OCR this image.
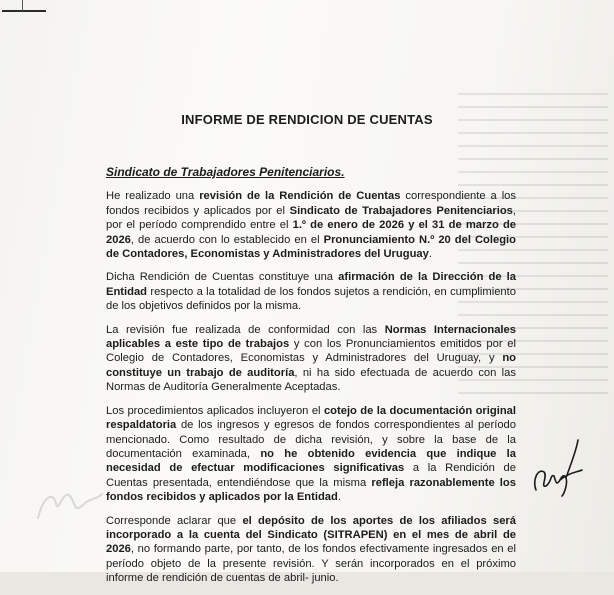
INFORME DE RENDICION DE CUENTAS
Sindicato de Trabajadores Penitenciarios.

He realizado una revisión de la Rendición de Cuentas correspondiente a los fondos recibidos y aplicados por el Sindicato de Trabajadores Penitenciarios, por el período comprendido entre el 1.º de enero de 2026 y el 31 de marzo de 2026, de acuerdo con lo establecido en el Pronunciamiento N.º 20 del Colegio de Contadores, Economistas y Administradores del Uruguay.

Dicha Rendición de Cuentas constituye una afirmación de la Dirección de la Entidad respecto a la totalidad de los fondos sujetos a rendición, en cumplimiento de los objetivos definidos por la misma.

La revisión fue realizada de conformidad con las Normas Internacionales aplicables a este tipo de trabajos y con los Pronunciamientos emitidos por el Colegio de Contadores, Economistas y Administradores del Uruguay, y no constituye un trabajo de auditoría, ni ha sido efectuada de acuerdo con las Normas de Auditoría Generalmente Aceptadas.

Los procedimientos aplicados incluyeron el cotejo de la documentación original respaldatoria de los ingresos y egresos de fondos correspondientes al período mencionado. Como resultado de dicha revisión, y sobre la base de la documentación examinada, no he obtenido evidencia que indique la necesidad de efectuar modificaciones significativas a la Rendición de Cuentas presentada, entendiéndose que la misma refleja razonablemente los fondos recibidos y aplicados por la Entidad.

Corresponde aclarar que el depósito de los aportes de los afiliados será incorporado a la cuenta del Sindicato (SITRAPEN) en el mes de abril de 2026, no formando parte, por tanto, de los fondos efectivamente ingresados en el período objeto de la presente revisión. Y serán incorporados en el próximo informe de rendición de cuentas de abril- junio.
